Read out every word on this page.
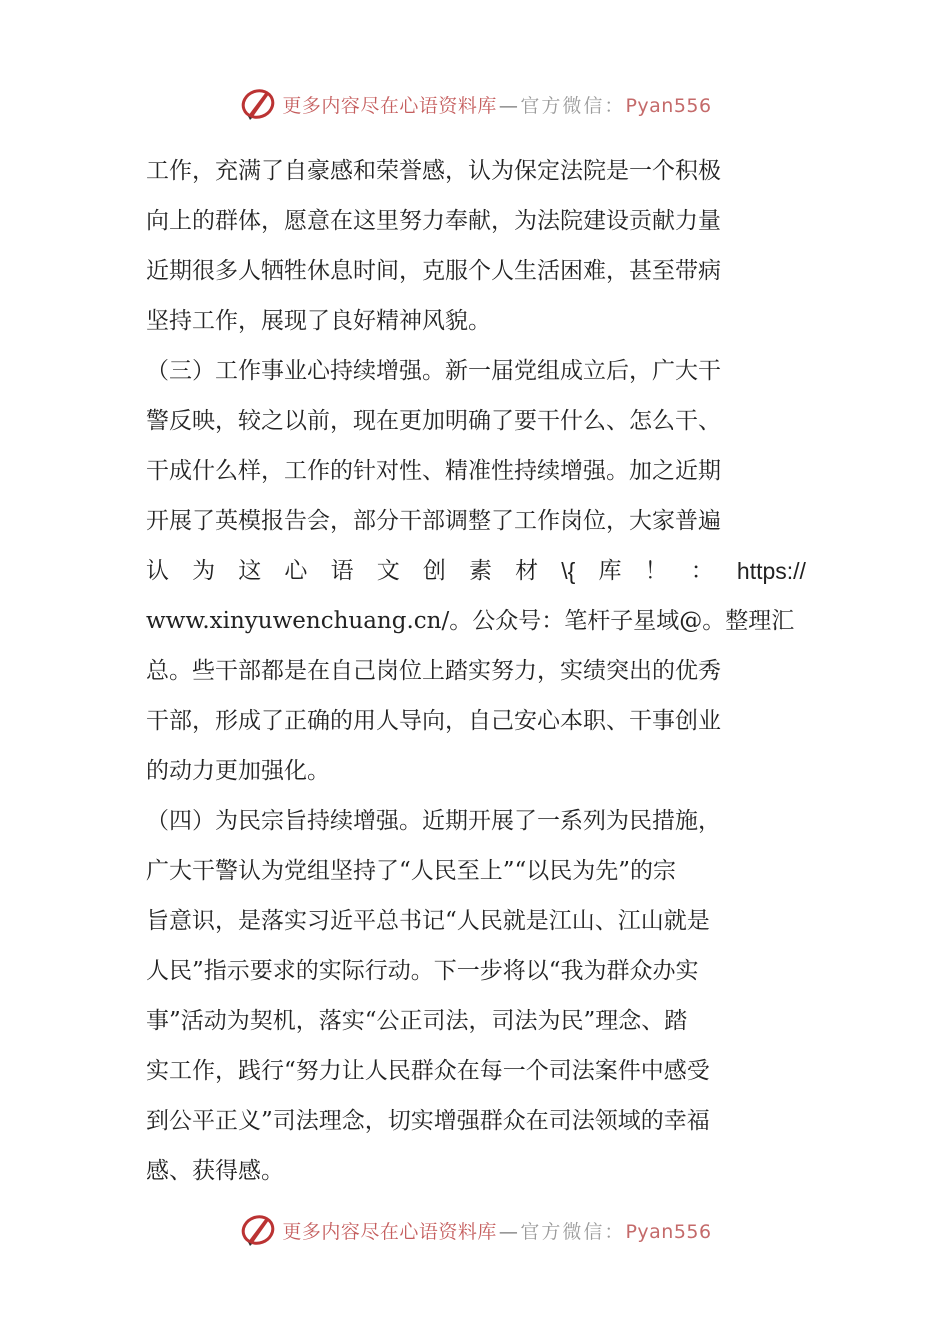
更多内容尽在心语资料库 — 官方微信：Pyan556
工作，充满了自豪感和荣誉感，认为保定法院是一个积极
向上的群体，愿意在这里努力奉献，为法院建设贡献力量
近期很多人牺牲休息时间，克服个人生活困难，甚至带病
坚持工作，展现了良好精神风貌。
（三）工作事业心持续增强。新一届党组成立后，广大干
警反映，较之以前，现在更加明确了要干什么、怎么干、
干成什么样，工作的针对性、精准性持续增强。加之近期
开展了英模报告会，部分干部调整了工作岗位，大家普遍
认 为 这 心 语 文 创 素 材 \{ 库 ！ ： https://
www.xinyuwenchuang.cn/。公众号：笔杆子星域@。整理汇
总。些干部都是在自己岗位上踏实努力，实绩突出的优秀
干部，形成了正确的用人导向，自己安心本职、干事创业
的动力更加强化。
（四）为民宗旨持续增强。近期开展了一系列为民措施，
广大干警认为党组坚持了“人民至上”“以民为先”的宗
旨意识，是落实习近平总书记“人民就是江山、江山就是
人民”指示要求的实际行动。下一步将以“我为群众办实
事”活动为契机，落实“公正司法，司法为民”理念、踏
实工作，践行“努力让人民群众在每一个司法案件中感受
到公平正义”司法理念，切实增强群众在司法领域的幸福
感、获得感。
更多内容尽在心语资料库 — 官方微信：Pyan556
